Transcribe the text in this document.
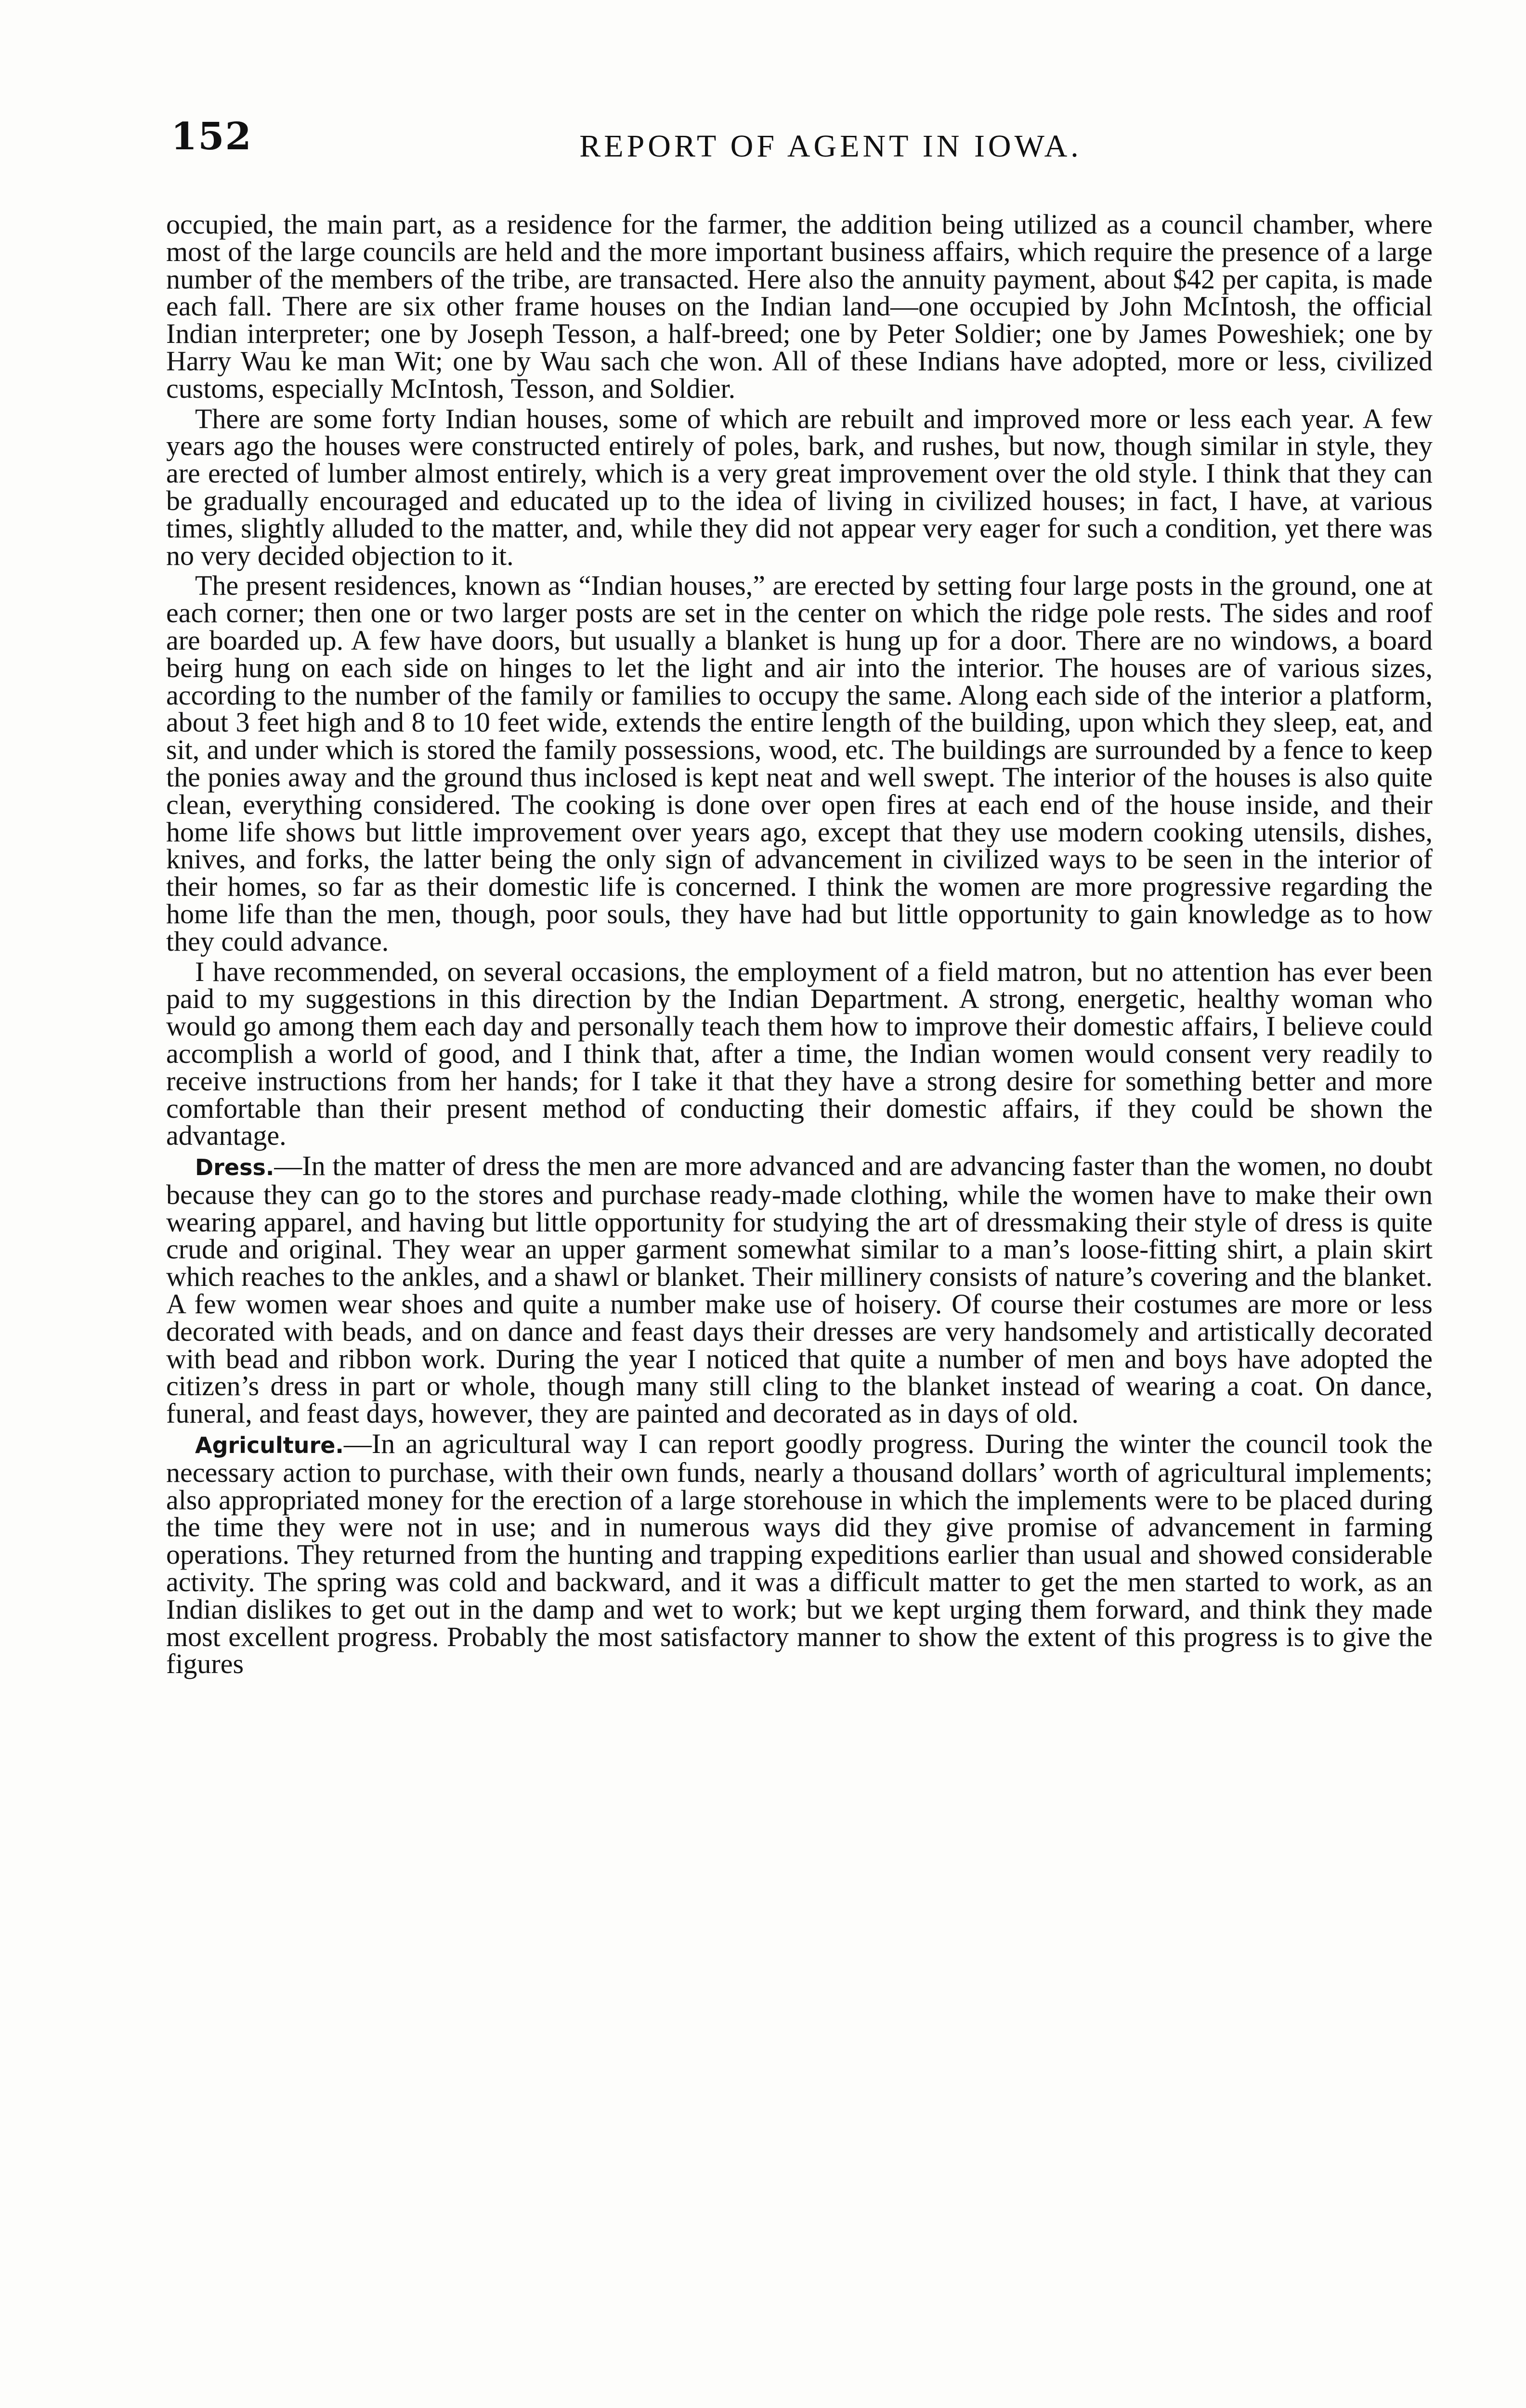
152	REPORT OF AGENT IN IOWA.

occupied, the main part, as a residence for the farmer, the addition being utilized as a council chamber, where most of the large councils are held and the more important business affairs, which require the presence of a large number of the members of the tribe, are transacted. Here also the annuity payment, about $42 per capita, is made each fall. There are six other frame houses on the Indian land—one occupied by John McIntosh, the official Indian interpreter; one by Joseph Tesson, a half-breed; one by Peter Soldier; one by James Poweshiek; one by Harry Wau ke man Wit; one by Wau sach che won. All of these Indians have adopted, more or less, civilized customs, especially McIntosh, Tesson, and Soldier.

There are some forty Indian houses, some of which are rebuilt and improved more or less each year. A few years ago the houses were constructed entirely of poles, bark, and rushes, but now, though similar in style, they are erected of lumber almost entirely, which is a very great improvement over the old style. I think that they can be gradually encouraged and educated up to the idea of living in civilized houses; in fact, I have, at various times, slightly alluded to the matter, and, while they did not appear very eager for such a condition, yet there was no very decided objection to it.

The present residences, known as “Indian houses,” are erected by setting four large posts in the ground, one at each corner; then one or two larger posts are set in the center on which the ridge pole rests. The sides and roof are boarded up. A few have doors, but usually a blanket is hung up for a door. There are no windows, a board beirg hung on each side on hinges to let the light and air into the interior. The houses are of various sizes, according to the number of the family or families to occupy the same. Along each side of the interior a platform, about 3 feet high and 8 to 10 feet wide, extends the entire length of the building, upon which they sleep, eat, and sit, and under which is stored the family possessions, wood, etc. The buildings are surrounded by a fence to keep the ponies away and the ground thus inclosed is kept neat and well swept. The interior of the houses is also quite clean, everything considered. The cooking is done over open fires at each end of the house inside, and their home life shows but little improvement over years ago, except that they use modern cooking utensils, dishes, knives, and forks, the latter being the only sign of advancement in civilized ways to be seen in the interior of their homes, so far as their domestic life is concerned. I think the women are more progressive regarding the home life than the men, though, poor souls, they have had but little opportunity to gain knowledge as to how they could advance.

I have recommended, on several occasions, the employment of a field matron, but no attention has ever been paid to my suggestions in this direction by the Indian Department. A strong, energetic, healthy woman who would go among them each day and personally teach them how to improve their domestic affairs, I believe could accomplish a world of good, and I think that, after a time, the Indian women would consent very readily to receive instructions from her hands; for I take it that they have a strong desire for something better and more comfortable than their present method of conducting their domestic affairs, if they could be shown the advantage.

Dress.—In the matter of dress the men are more advanced and are advancing faster than the women, no doubt because they can go to the stores and purchase ready-made clothing, while the women have to make their own wearing apparel, and having but little opportunity for studying the art of dressmaking their style of dress is quite crude and original. They wear an upper garment somewhat similar to a man’s loose-fitting shirt, a plain skirt which reaches to the ankles, and a shawl or blanket. Their millinery consists of nature’s covering and the blanket. A few women wear shoes and quite a number make use of hoisery. Of course their costumes are more or less decorated with beads, and on dance and feast days their dresses are very handsomely and artistically decorated with bead and ribbon work. During the year I noticed that quite a number of men and boys have adopted the citizen’s dress in part or whole, though many still cling to the blanket instead of wearing a coat. On dance, funeral, and feast days, however, they are painted and decorated as in days of old.

Agriculture.—In an agricultural way I can report goodly progress. During the winter the council took the necessary action to purchase, with their own funds, nearly a thousand dollars’ worth of agricultural implements; also appropriated money for the erection of a large storehouse in which the implements were to be placed during the time they were not in use; and in numerous ways did they give promise of advancement in farming operations. They returned from the hunting and trapping expeditions earlier than usual and showed considerable activity. The spring was cold and backward, and it was a difficult matter to get the men started to work, as an Indian dislikes to get out in the damp and wet to work; but we kept urging them forward, and think they made most excellent progress. Probably the most satisfactory manner to show the extent of this progress is to give the figures
